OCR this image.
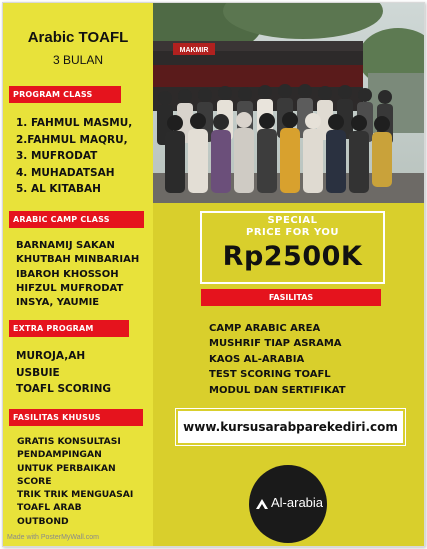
MAKMIR
Arabic TOAFL
3 BULAN
PROGRAM CLASS
1. FAHMUL MASMU,
2.FAHMUL MAQRU,
3. MUFRODAT
4. MUHADATSAH
5. AL KITABAH
ARABIC CAMP CLASS
BARNAMIJ SAKAN
KHUTBAH MINBARIAH
IBAROH KHOSSOH
HIFZUL MUFRODAT
INSYA, YAUMIE
EXTRA PROGRAM
MUROJA,AH
USBUIE
TOAFL SCORING
FASILITAS KHUSUS
GRATIS KONSULTASI
PENDAMPINGAN
UNTUK PERBAIKAN
SCORE
TRIK TRIK MENGUASAI
TOAFL ARAB
OUTBOND
SPECIAL
PRICE FOR YOU
Rp2500K
FASILITAS
CAMP ARABIC AREA
MUSHRIF TIAP ASRAMA
KAOS AL-ARABIA
TEST SCORING TOAFL
MODUL DAN SERTIFIKAT
www.kursusarabparekediri.com
Al-arabia
Made with PosterMyWall.com
